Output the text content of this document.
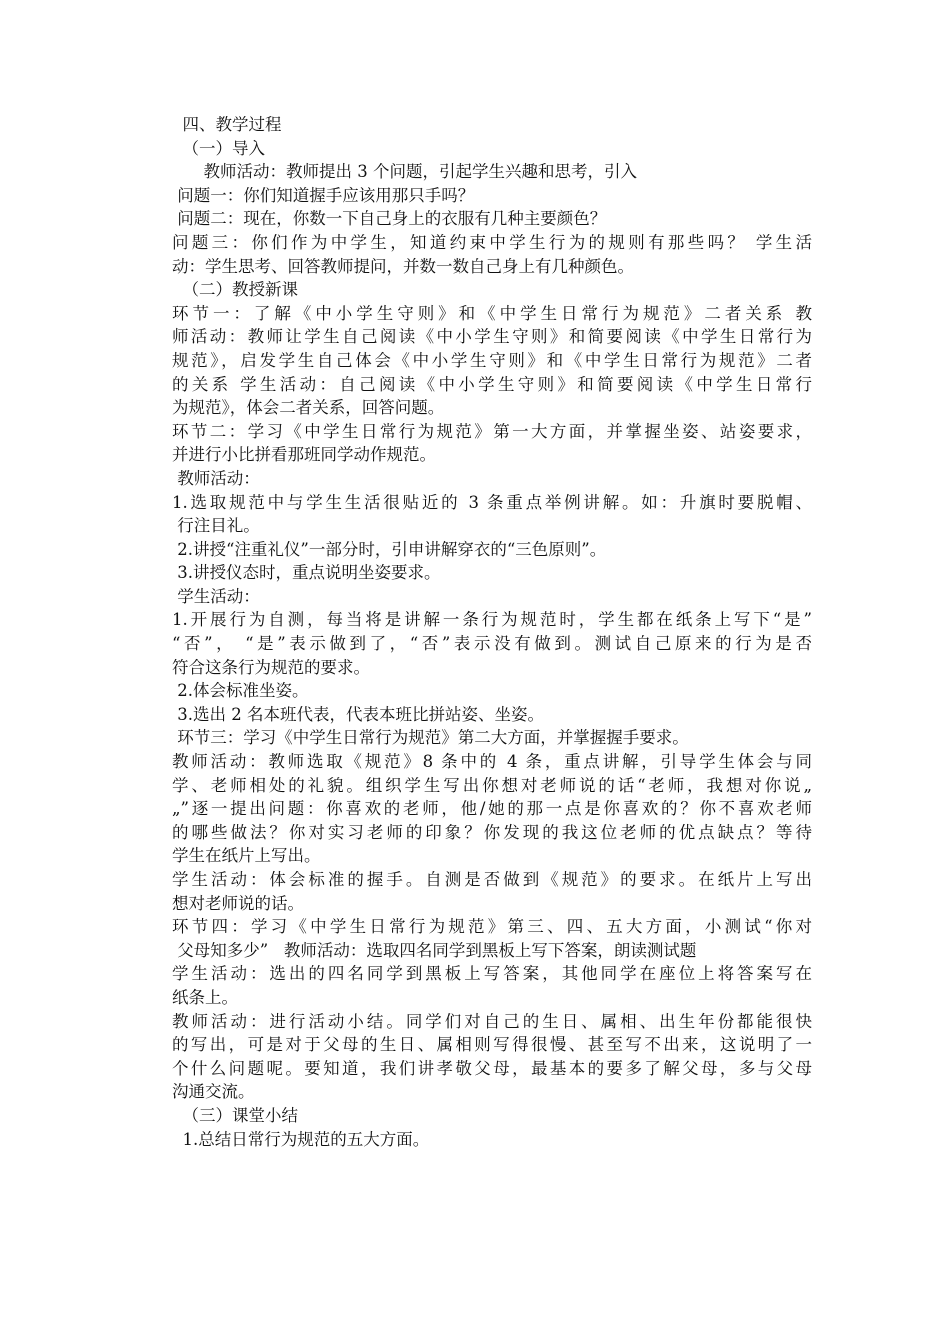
四、教学过程
（一）导入
教师活动：教师提出 3 个问题，引起学生兴趣和思考，引入
问题一：你们知道握手应该用那只手吗？
问题二：现在，你数一下自己身上的衣服有几种主要颜色？
问题三：你们作为中学生，知道约束中学生行为的规则有那些吗？ 学生活
动：学生思考、回答教师提问，并数一数自己身上有几种颜色。
（二）教授新课
环节一：了解《中小学生守则》和《中学生日常行为规范》二者关系 教
师活动：教师让学生自己阅读《中小学生守则》和简要阅读《中学生日常行为
规范》，启发学生自己体会《中小学生守则》和《中学生日常行为规范》二者
的关系 学生活动：自己阅读《中小学生守则》和简要阅读《中学生日常行
为规范》，体会二者关系，回答问题。
环节二：学习《中学生日常行为规范》第一大方面，并掌握坐姿、站姿要求，
并进行小比拼看那班同学动作规范。
教师活动：
1.选取规范中与学生生活很贴近的 3 条重点举例讲解。如：升旗时要脱帽、
行注目礼。
2.讲授“注重礼仪”一部分时，引申讲解穿衣的“三色原则”。
3.讲授仪态时，重点说明坐姿要求。
学生活动：
1.开展行为自测，每当将是讲解一条行为规范时，学生都在纸条上写下“是”
“否”， “是”表示做到了，“否”表示没有做到。测试自己原来的行为是否
符合这条行为规范的要求。
2.体会标准坐姿。
3.选出 2 名本班代表，代表本班比拼站姿、坐姿。
环节三：学习《中学生日常行为规范》第二大方面，并掌握握手要求。
教师活动：教师选取《规范》8 条中的 4 条，重点讲解，引导学生体会与同
学、老师相处的礼貌。组织学生写出你想对老师说的话“老师，我想对你说„
„”逐一提出问题：你喜欢的老师，他/她的那一点是你喜欢的？你不喜欢老师
的哪些做法？你对实习老师的印象？你发现的我这位老师的优点缺点？等待
学生在纸片上写出。
学生活动：体会标准的握手。自测是否做到《规范》的要求。在纸片上写出
想对老师说的话。
环节四：学习《中学生日常行为规范》第三、四、五大方面，小测试“你对
父母知多少”   教师活动：选取四名同学到黑板上写下答案，朗读测试题
学生活动：选出的四名同学到黑板上写答案，其他同学在座位上将答案写在
纸条上。
教师活动：进行活动小结。同学们对自己的生日、属相、出生年份都能很快
的写出，可是对于父母的生日、属相则写得很慢、甚至写不出来，这说明了一
个什么问题呢。要知道，我们讲孝敬父母，最基本的要多了解父母，多与父母
沟通交流。
（三）课堂小结
1.总结日常行为规范的五大方面。
